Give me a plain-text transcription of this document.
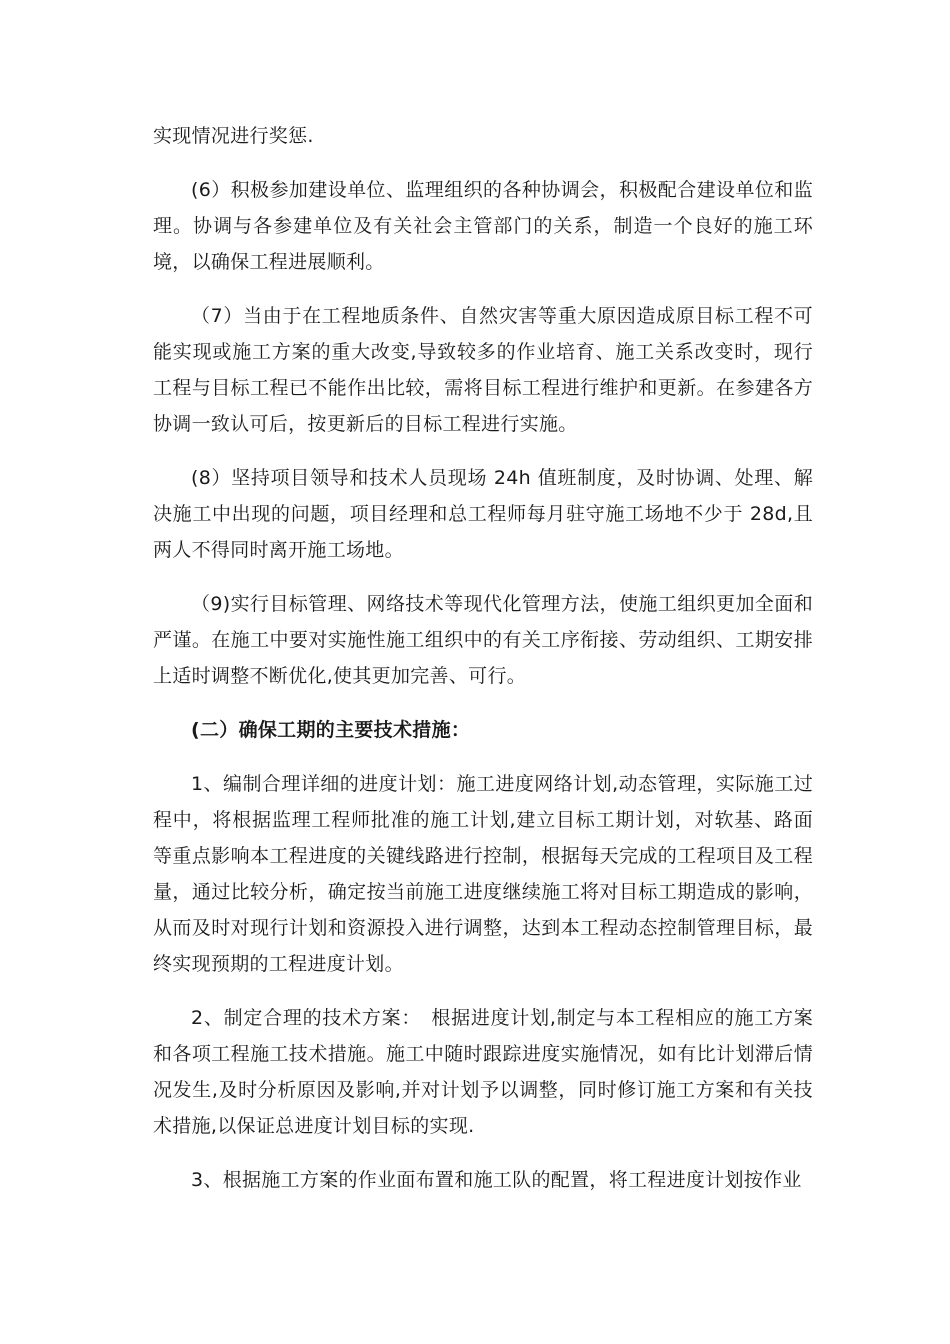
实现情况进行奖惩.

(6）积极参加建设单位、监理组织的各种协调会，积极配合建设单位和监理。协调与各参建单位及有关社会主管部门的关系，制造一个良好的施工环境，以确保工程进展顺利。

（7）当由于在工程地质条件、自然灾害等重大原因造成原目标工程不可能实现或施工方案的重大改变,导致较多的作业培育、施工关系改变时，现行工程与目标工程已不能作出比较，需将目标工程进行维护和更新。在参建各方协调一致认可后，按更新后的目标工程进行实施。

(8）坚持项目领导和技术人员现场 24h 值班制度，及时协调、处理、解决施工中出现的问题，项目经理和总工程师每月驻守施工场地不少于 28d,且两人不得同时离开施工场地。

（9)实行目标管理、网络技术等现代化管理方法，使施工组织更加全面和严谨。在施工中要对实施性施工组织中的有关工序衔接、劳动组织、工期安排上适时调整不断优化,使其更加完善、可行。

(二）确保工期的主要技术措施：

1、编制合理详细的进度计划：施工进度网络计划,动态管理，实际施工过程中，将根据监理工程师批准的施工计划,建立目标工期计划，对软基、路面等重点影响本工程进度的关键线路进行控制，根据每天完成的工程项目及工程量，通过比较分析，确定按当前施工进度继续施工将对目标工期造成的影响，从而及时对现行计划和资源投入进行调整，达到本工程动态控制管理目标，最终实现预期的工程进度计划。

2、制定合理的技术方案：　根据进度计划,制定与本工程相应的施工方案和各项工程施工技术措施。施工中随时跟踪进度实施情况，如有比计划滞后情况发生,及时分析原因及影响,并对计划予以调整，同时修订施工方案和有关技术措施,以保证总进度计划目标的实现.

3、根据施工方案的作业面布置和施工队的配置，将工程进度计划按作业
